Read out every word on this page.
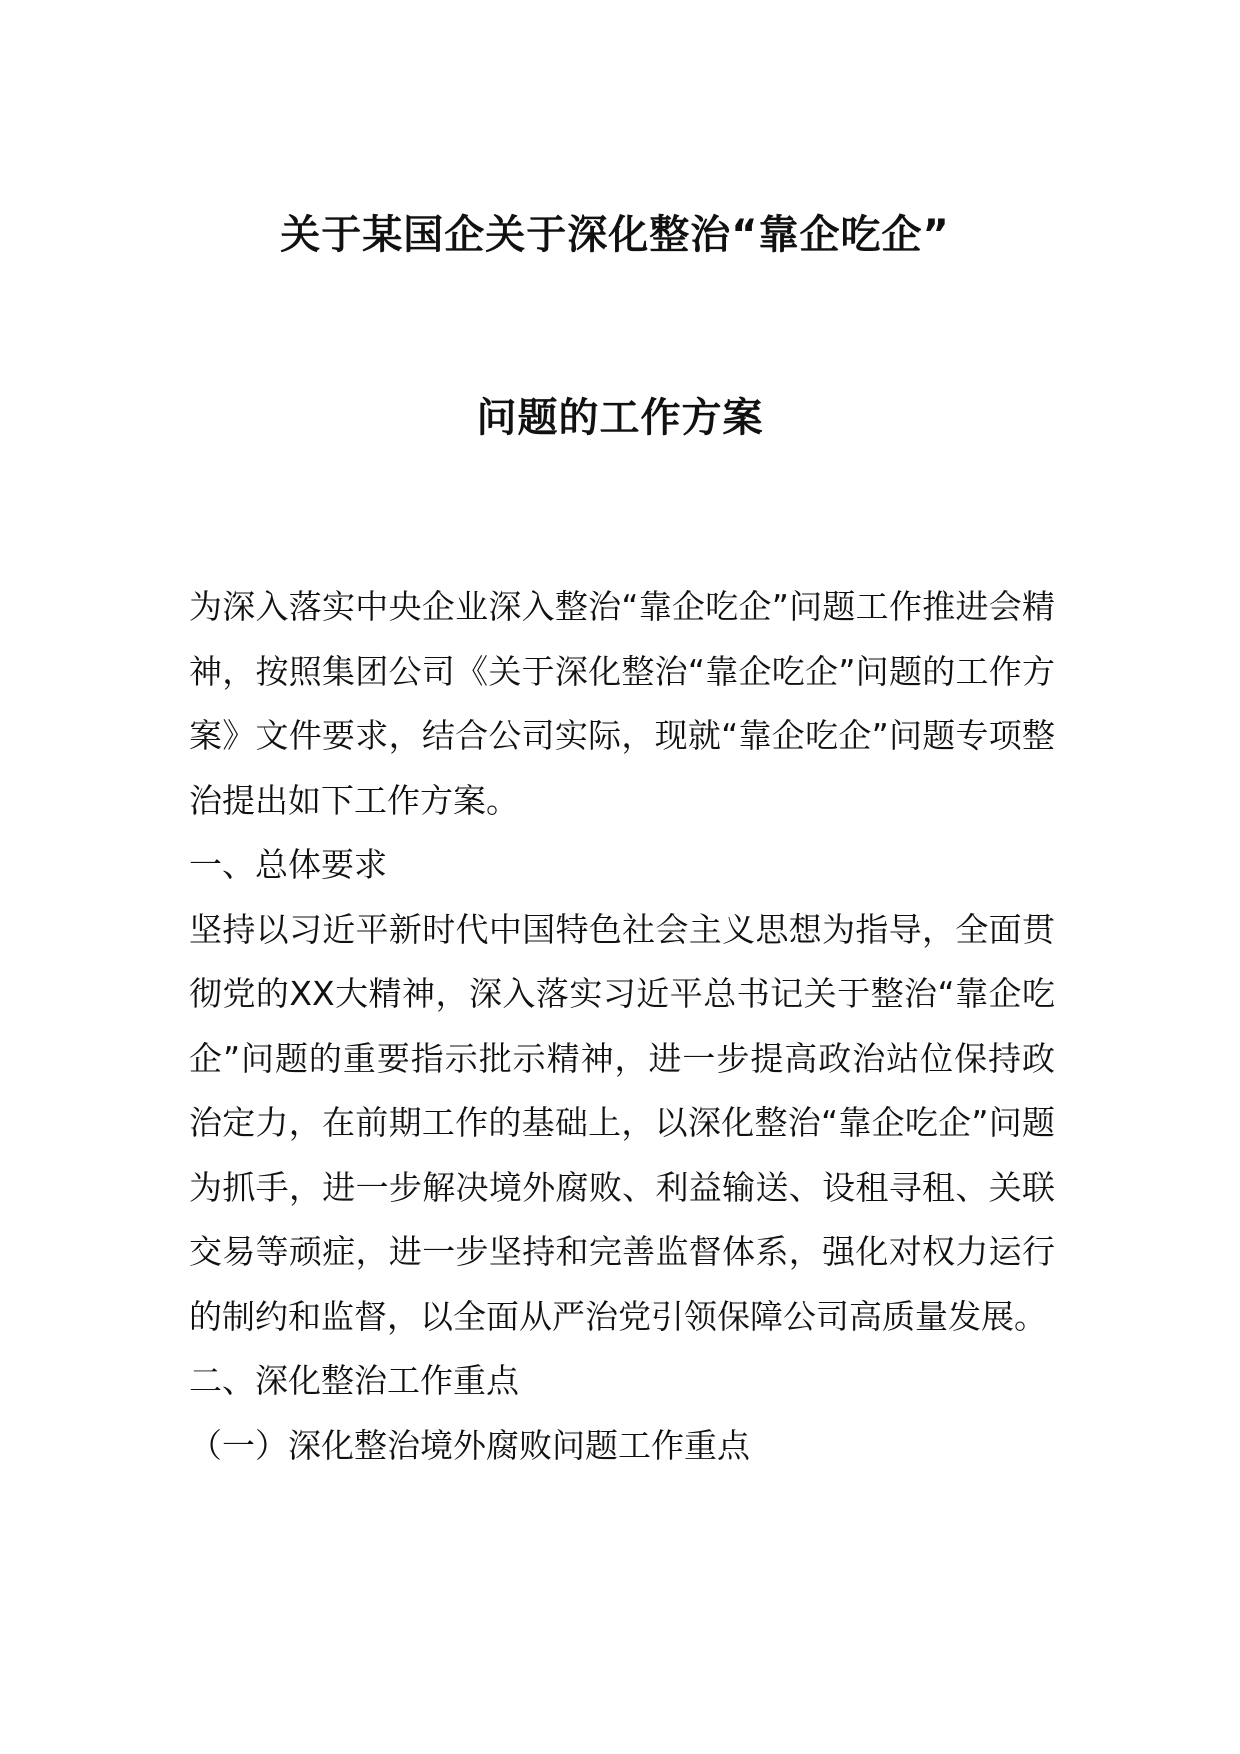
关于某国企关于深化整治“靠企吃企”
问题的工作方案

为深入落实中央企业深入整治“靠企吃企”问题工作推进会精神，按照集团公司《关于深化整治“靠企吃企”问题的工作方案》文件要求，结合公司实际，现就“靠企吃企”问题专项整治提出如下工作方案。

一、总体要求

坚持以习近平新时代中国特色社会主义思想为指导，全面贯彻党的XX大精神，深入落实习近平总书记关于整治“靠企吃企”问题的重要指示批示精神，进一步提高政治站位保持政治定力，在前期工作的基础上，以深化整治“靠企吃企”问题为抓手，进一步解决境外腐败、利益输送、设租寻租、关联交易等顽症，进一步坚持和完善监督体系，强化对权力运行的制约和监督，以全面从严治党引领保障公司高质量发展。

二、深化整治工作重点

（一）深化整治境外腐败问题工作重点
